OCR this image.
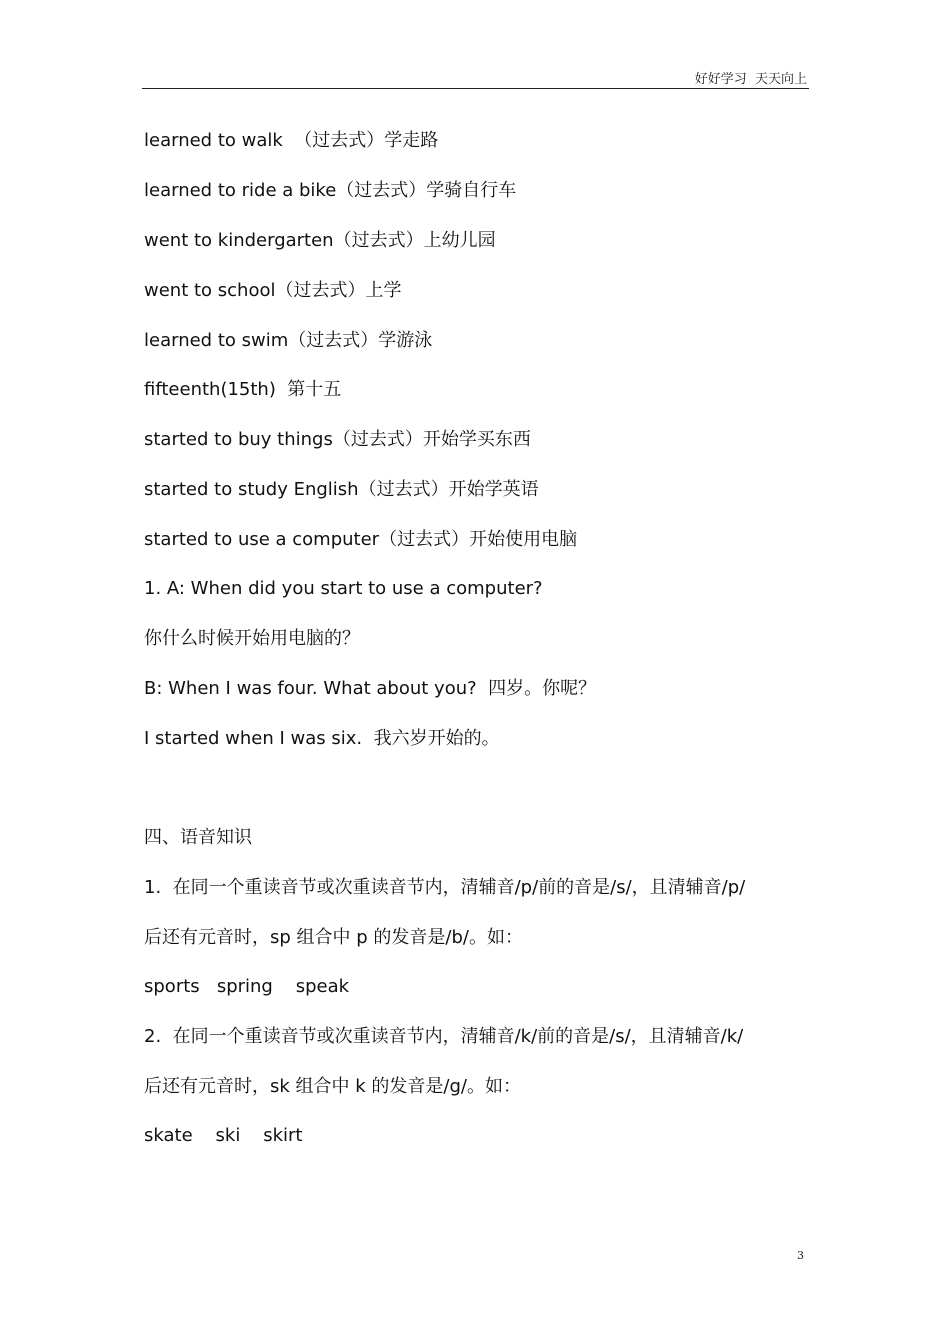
好好学习  天天向上
learned to walk  （过去式）学走路
learned to ride a bike（过去式）学骑自行车
went to kindergarten（过去式）上幼儿园
went to school（过去式）上学
learned to swim（过去式）学游泳
fifteenth(15th)  第十五
started to buy things（过去式）开始学买东西
started to study English（过去式）开始学英语
started to use a computer（过去式）开始使用电脑
1. A: When did you start to use a computer?
你什么时候开始用电脑的？
B: When I was four. What about you?  四岁。你呢？
I started when I was six.  我六岁开始的。
四、语音知识
1.  在同一个重读音节或次重读音节内，清辅音/p/前的音是/s/，且清辅音/p/
后还有元音时，sp 组合中 p 的发音是/b/。如：
sports   spring    speak
2.  在同一个重读音节或次重读音节内，清辅音/k/前的音是/s/，且清辅音/k/
后还有元音时，sk 组合中 k 的发音是/g/。如：
skate    ski    skirt
3
